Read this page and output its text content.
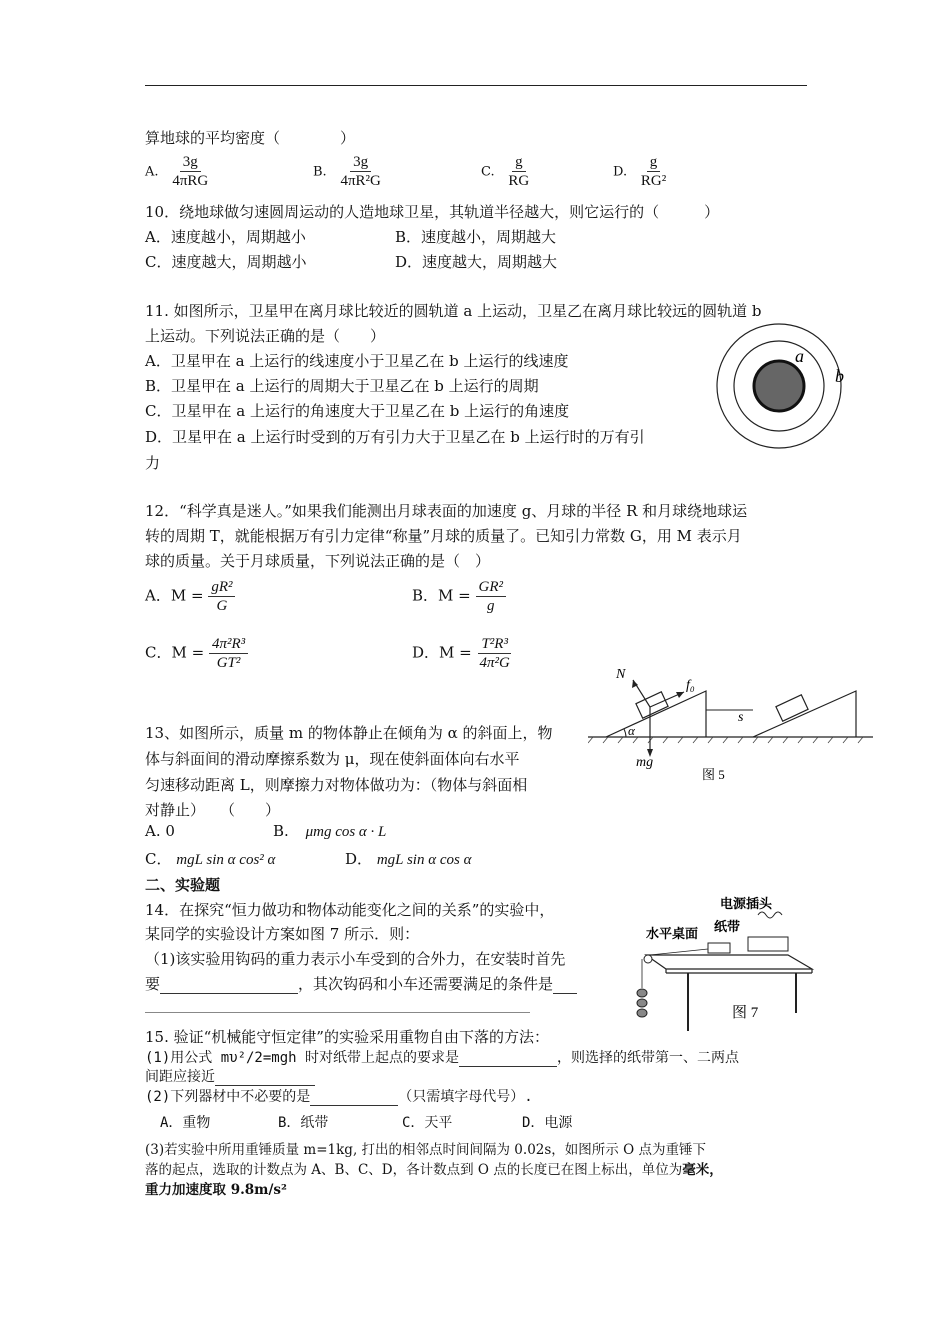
算地球的平均密度（　　　　）
A. $\frac{3g}{\text{4πRG}}$	B. $\frac{3g}{\text{4πR²G}}$	C. $\frac{g}{RG}$	D. $\frac{g}{\text{RG²}}$
10．绕地球做匀速圆周运动的人造地球卫星，其轨道半径越大，则它运行的（　　　）
A．速度越小，周期越小	B．速度越小，周期越大
C．速度越大，周期越小	D．速度越大，周期越大
11. 如图所示，卫星甲在离月球比较近的圆轨道 a 上运动，卫星乙在离月球比较远的圆轨道 b
上运动。下列说法正确的是（　　）
A．卫星甲在 a 上运行的线速度小于卫星乙在 b 上运行的线速度
B．卫星甲在 a 上运行的周期大于卫星乙在 b 上运行的周期
C．卫星甲在 a 上运行的角速度大于卫星乙在 b 上运行的角速度
D．卫星甲在 a 上运行时受到的万有引力大于卫星乙在 b 上运行时的万有引
力
a
b
12．“科学真是迷人。”如果我们能测出月球表面的加速度 g、月球的半径 R 和月球绕地球运
转的周期 T，就能根据万有引力定律“称量”月球的质量了。已知引力常数 G，用 M 表示月
球的质量。关于月球质量，下列说法正确的是（　）
A．$M = \frac{\text{gR²}}{G}$	B．$M = \frac{\text{GR²}}{g}$
C．$M = \frac{\text{4π²R³}}{\text{GT²}}$	D．$M = \frac{\text{T²R³}}{\text{4π²G}}$
N
f₀
s
mg
α
图 5
13、如图所示，质量 m 的物体静止在倾角为 α 的斜面上，物
体与斜面间的滑动摩擦系数为 μ，现在使斜面体向右水平
匀速移动距离 L，则摩擦力对物体做功为：（物体与斜面相
对静止）　　（　　）
A. 0	B. μmg cos α · L
C． mgL sin α cos² α	D． mgL sin α cos α
二、实验题
14．在探究“恒力做功和物体动能变化之间的关系”的实验中，
某同学的实验设计方案如图 7 所示．则：
（1)该实验用钩码的重力表示小车受到的合外力，在安装时首先
要	，其次钩码和小车还需要满足的条件是
电源插头
纸带
水平桌面
图 7
15. 验证“机械能守恒定律”的实验采用重物自由下落的方法：
(1)用公式 mυ²/2=mgh 时对纸带上起点的要求是	，则选择的纸带第一、二两点
间距应接近
(2)下列器材中不必要的是	（只需填字母代号）.
A．重物	B．纸带	C．天平	D．电源
(3)若实验中所用重锤质量 m=1kg, 打出的相邻点时间间隔为 0.02s，如图所示 O 点为重锤下
落的起点，选取的计数点为 A、B、C、D，各计数点到 O 点的长度已在图上标出，单位为毫米，
重力加速度取 9.8m/s²
